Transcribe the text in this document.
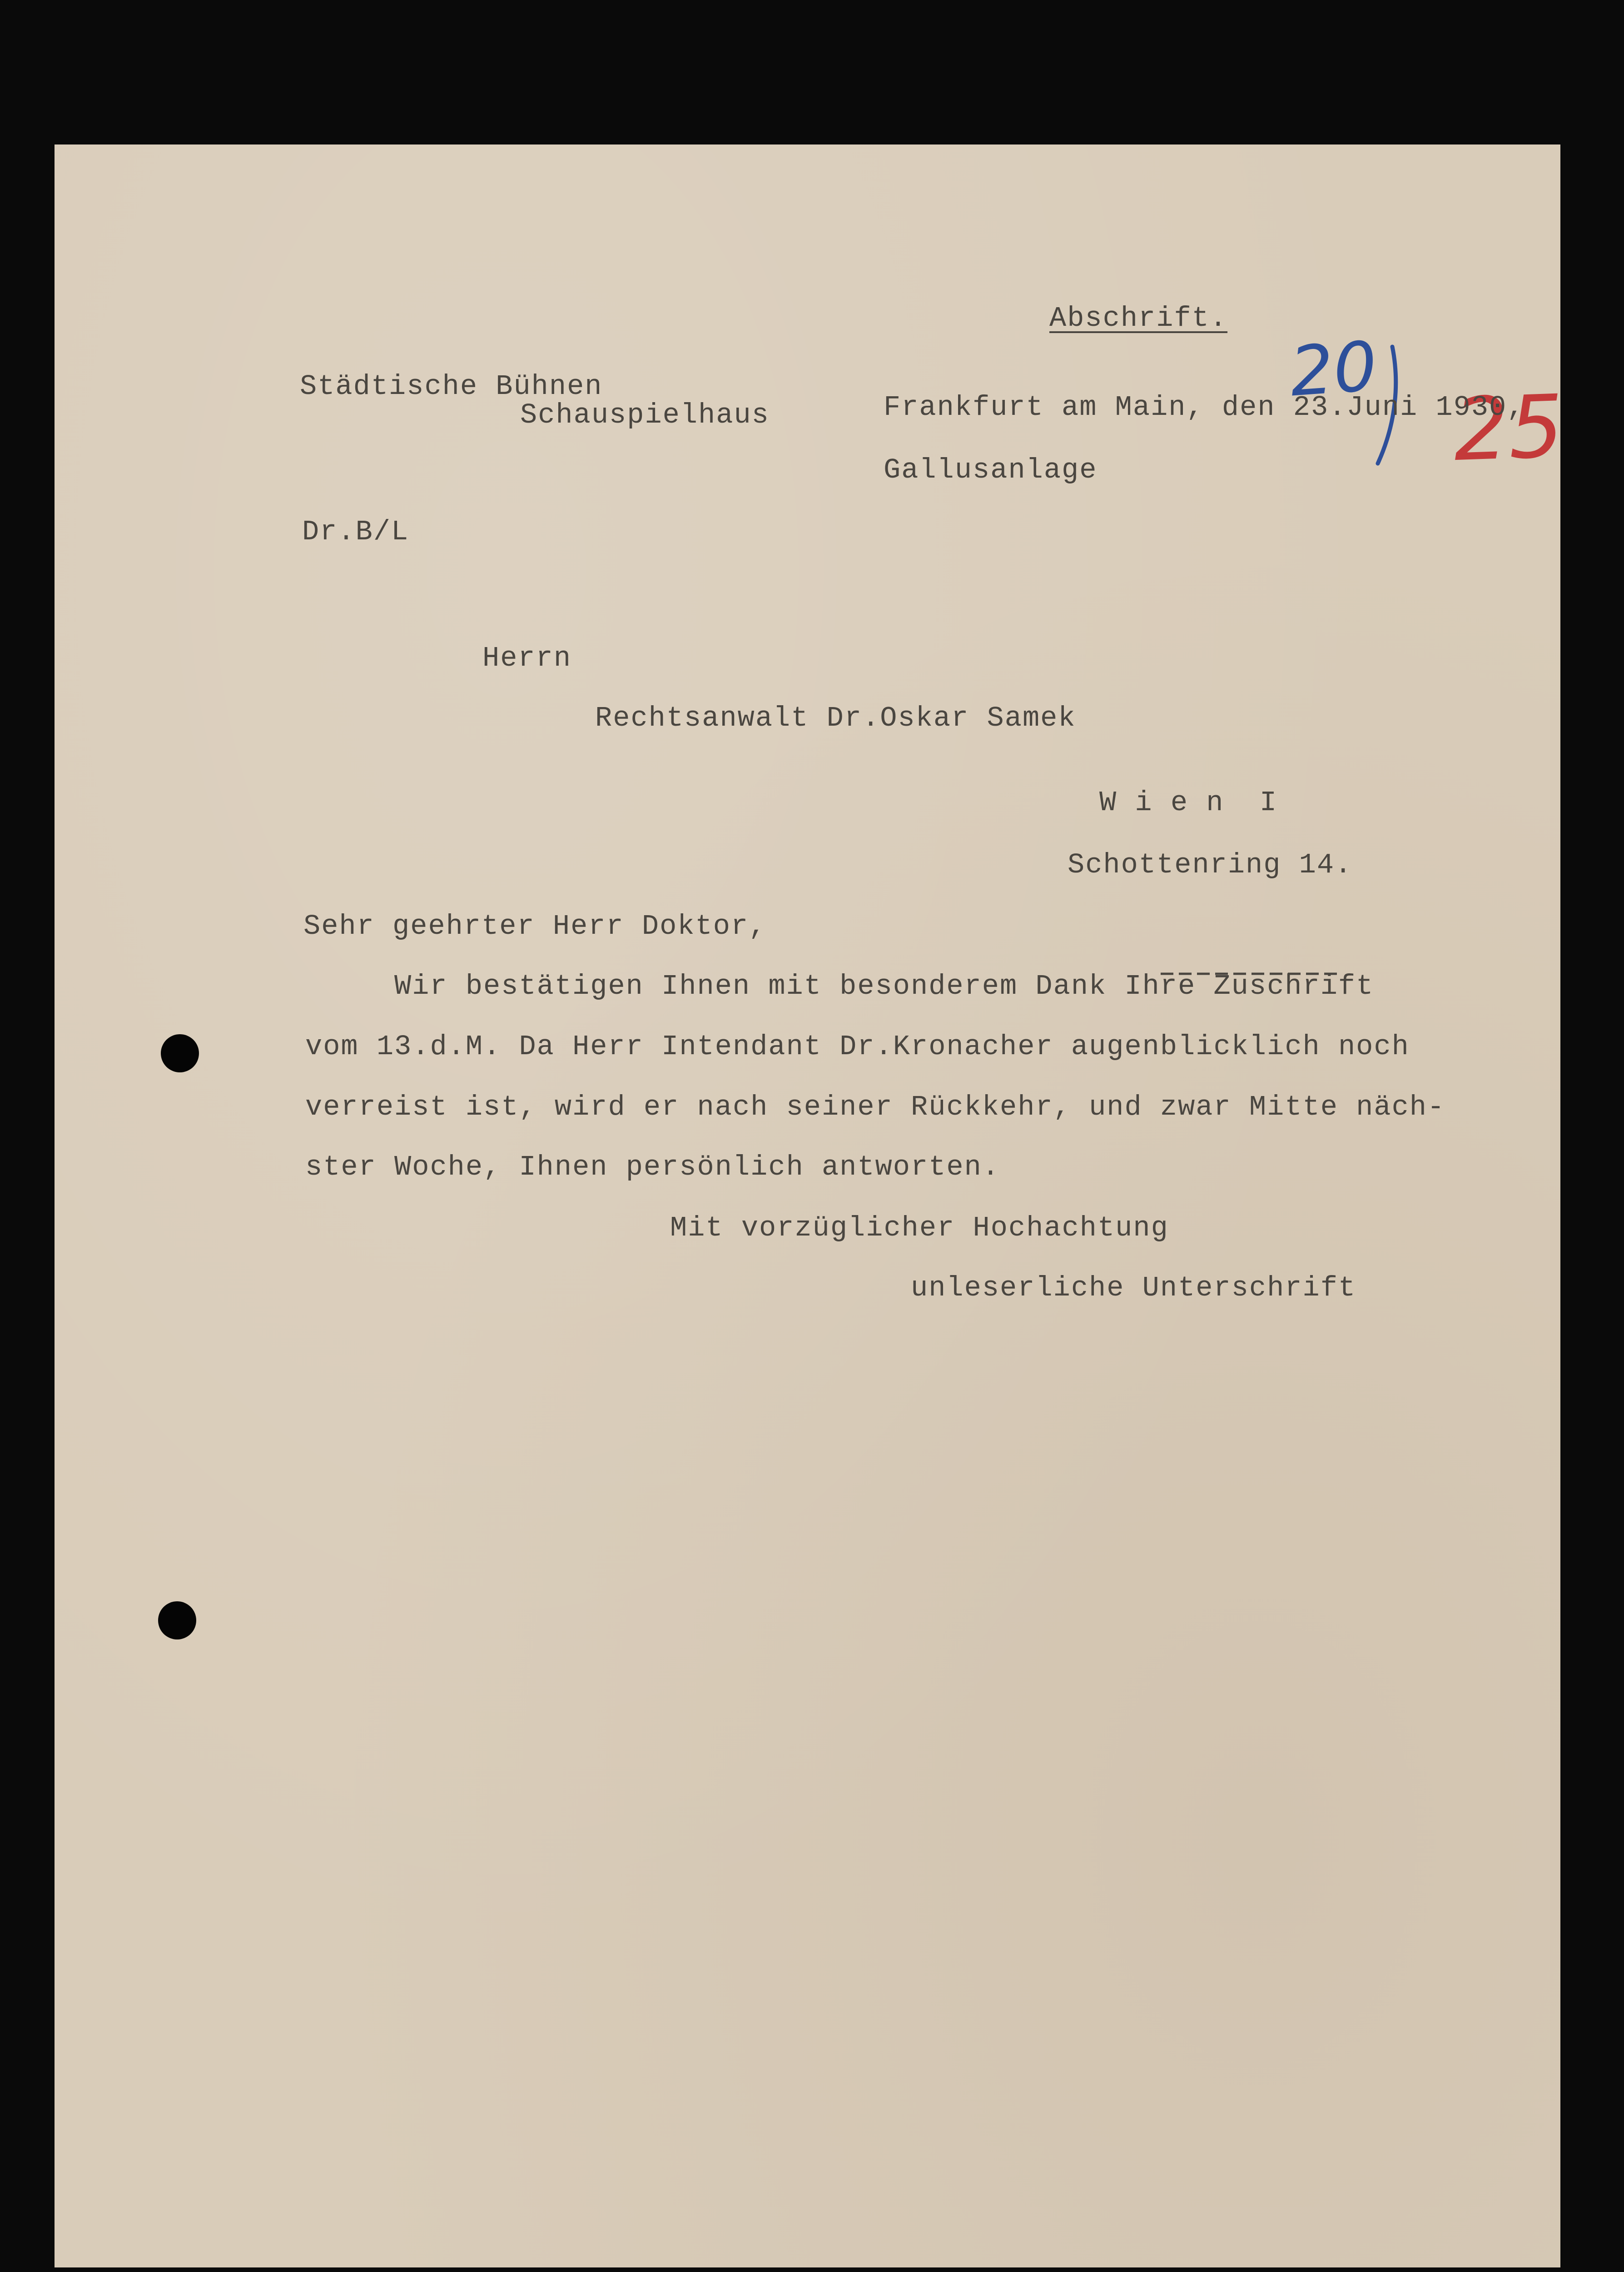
20
25
Abschrift.
Städtische Bühnen
Schauspielhaus	Frankfurt am Main, den 23.Juni 1930,
Gallusanlage
Dr.B/L
Herrn
Rechtsanwalt Dr.Oskar Samek
W i e n  I
Schottenring 14.
Sehr geehrter Herr Doktor,
Wir bestätigen Ihnen mit besonderem Dank Ihre Zuschrift
vom 13.d.M. Da Herr Intendant Dr.Kronacher augenblicklich noch
verreist ist, wird er nach seiner Rückkehr, und zwar Mitte näch-
ster Woche, Ihnen persönlich antworten.
Mit vorzüglicher Hochachtung
unleserliche Unterschrift
